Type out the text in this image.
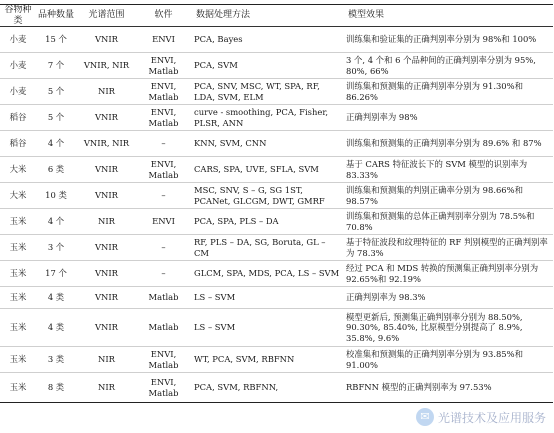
谷物种类	品种数量	光谱范围	软件	数据处理方法	模型效果
小麦	15 个	VNIR	ENVI	PCA, Bayes	训练集和验证集的正确判别率分别为 98%和 100%
小麦	7 个	VNIR, NIR	ENVI, Matlab	PCA, SVM	3 个, 4 个和 6 个品种间的正确判别率分别为 95%, 80%, 66%
小麦	5 个	NIR	ENVI, Matlab	PCA, SNV, MSC, WT, SPA, RF, LDA, SVM, ELM	训练集和预测集的正确判别率分别为 91.30%和 86.26%
稻谷	5 个	VNIR	ENVI, Matlab	curve - smoothing, PCA, Fisher, PLSR, ANN	正确判别率为 98%
稻谷	4 个	VNIR, NIR	–	KNN, SVM, CNN	训练集和预测集的正确判别率分别为 89.6% 和 87%
大米	6 类	VNIR	ENVI, Matlab	CARS, SPA, UVE, SFLA, SVM	基于 CARS 特征波长下的 SVM 模型的识别率为 83.33%
大米	10 类	VNIR	–	MSC, SNV, S – G, SG 1ST, PCANet, GLCGM, DWT, GMRF	训练集和预测集的判别正确率分别为 98.66%和 98.57%
玉米	4 个	NIR	ENVI	PCA, SPA, PLS – DA	训练集和预测集的总体正确判别率分别为 78.5%和 70.8%
玉米	3 个	VNIR	–	RF, PLS – DA, SG, Boruta, GL – CM	基于特征波段和纹理特征的 RF 判别模型的正确判别率为 78.3%
玉米	17 个	VNIR	–	GLCM, SPA, MDS, PCA, LS – SVM	经过 PCA 和 MDS 转换的预测集正确判别率分别为 92.65%和 92.19%
玉米	4 类	VNIR	Matlab	LS – SVM	正确判别率为 98.3%
玉米	4 类	VNIR	Matlab	LS – SVM	模型更新后, 预测集正确判别率分别为 88.50%, 90.30%, 85.40%, 比原模型分别提高了 8.9%, 35.8%, 9.6%
玉米	3 类	NIR	ENVI, Matlab	WT, PCA, SVM, RBFNN	校准集和预测集的正确判别率分别为 93.85%和 91.00%
玉米	8 类	NIR	ENVI, Matlab	PCA, SVM, RBFNN,	RBFNN 模型的正确判别率为 97.53%
✉ 光谱技术及应用服务
